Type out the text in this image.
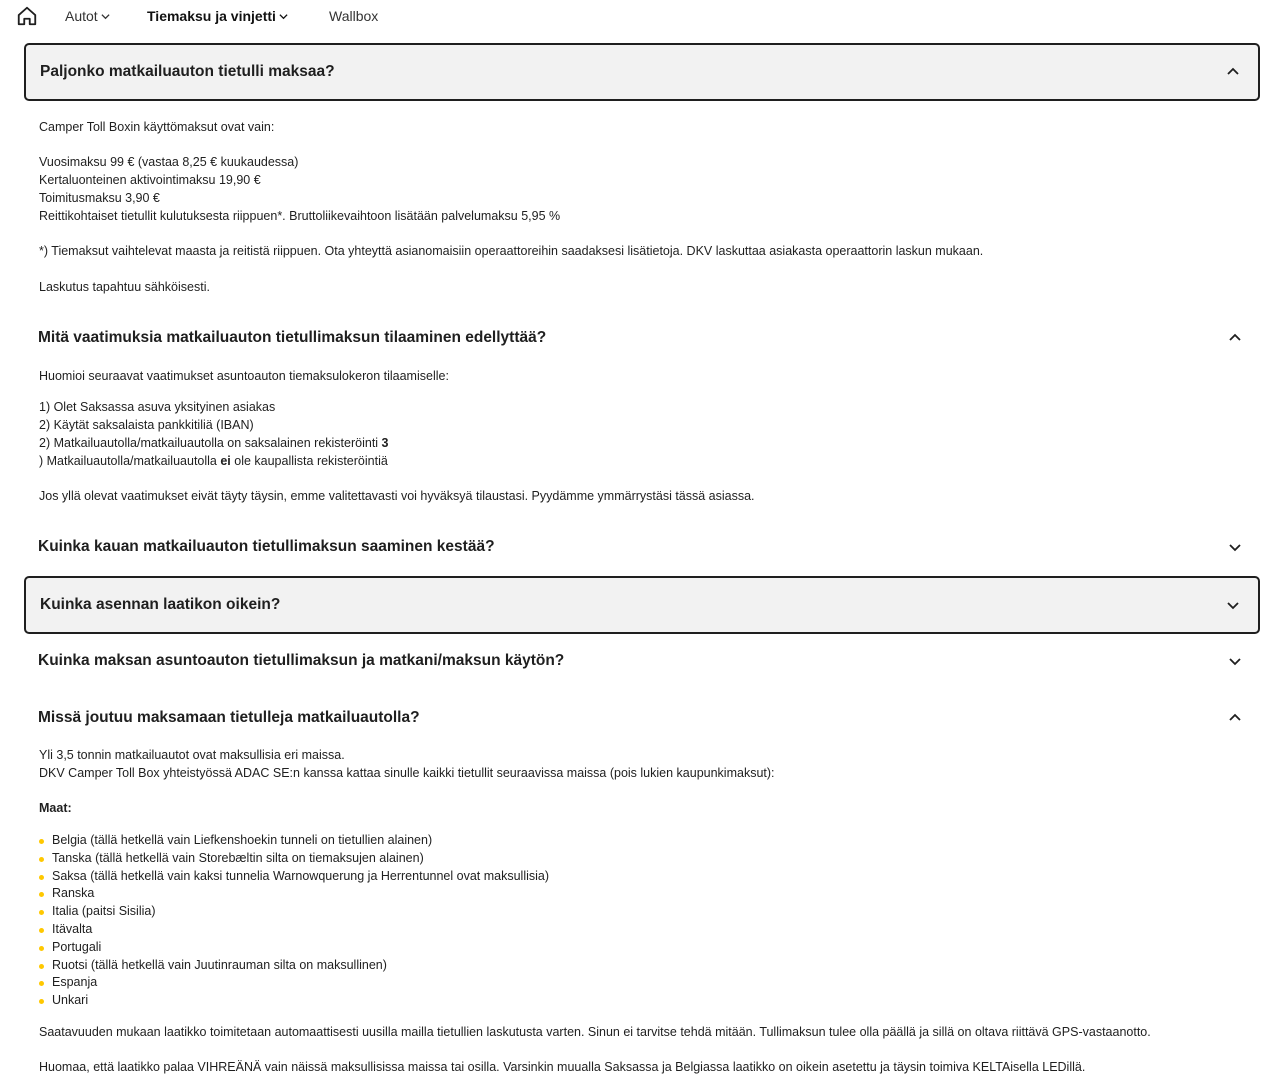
Autot	Tiemaksu ja vinjetti	Wallbox
Paljonko matkailuauton tietulli maksaa?

Camper Toll Boxin käyttömaksut ovat vain:

Vuosimaksu 99 € (vastaa 8,25 € kuukaudessa)

Kertaluonteinen aktivointimaksu 19,90 €

Toimitusmaksu 3,90 €

Reittikohtaiset tietullit kulutuksesta riippuen*. Bruttoliikevaihtoon lisätään palvelumaksu 5,95 %

*) Tiemaksut vaihtelevat maasta ja reitistä riippuen. Ota yhteyttä asianomaisiin operaattoreihin saadaksesi lisätietoja. DKV laskuttaa asiakasta operaattorin laskun mukaan.

Laskutus tapahtuu sähköisesti.

Mitä vaatimuksia matkailuauton tietullimaksun tilaaminen edellyttää?

Huomioi seuraavat vaatimukset asuntoauton tiemaksulokeron tilaamiselle:

1) Olet Saksassa asuva yksityinen asiakas

2) Käytät saksalaista pankkitiliä (IBAN)

2) Matkailuautolla/matkailuautolla on saksalainen rekisteröinti 3

) Matkailuautolla/matkailuautolla ei ole kaupallista rekisteröintiä

Jos yllä olevat vaatimukset eivät täyty täysin, emme valitettavasti voi hyväksyä tilaustasi. Pyydämme ymmärrystäsi tässä asiassa.

Kuinka kauan matkailuauton tietullimaksun saaminen kestää?
Kuinka asennan laatikon oikein?
Kuinka maksan asuntoauton tietullimaksun ja matkani/maksun käytön?
Missä joutuu maksamaan tietulleja matkailuautolla?

Yli 3,5 tonnin matkailuautot ovat maksullisia eri maissa.

DKV Camper Toll Box yhteistyössä ADAC SE:n kanssa kattaa sinulle kaikki tietullit seuraavissa maissa (pois lukien kaupunkimaksut):

Maat:

Belgia (tällä hetkellä vain Liefkenshoekin tunneli on tietullien alainen)
Tanska (tällä hetkellä vain Storebæltin silta on tiemaksujen alainen)
Saksa (tällä hetkellä vain kaksi tunnelia Warnowquerung ja Herrentunnel ovat maksullisia)
Ranska
Italia (paitsi Sisilia)
Itävalta
Portugali
Ruotsi (tällä hetkellä vain Juutinrauman silta on maksullinen)
Espanja
Unkari

Saatavuuden mukaan laatikko toimitetaan automaattisesti uusilla mailla tietullien laskutusta varten. Sinun ei tarvitse tehdä mitään. Tullimaksun tulee olla päällä ja sillä on oltava riittävä GPS-vastaanotto.

Huomaa, että laatikko palaa VIHREÄNÄ vain näissä maksullisissa maissa tai osilla. Varsinkin muualla Saksassa ja Belgiassa laatikko on oikein asetettu ja täysin toimiva KELTAisella LEDillä.
